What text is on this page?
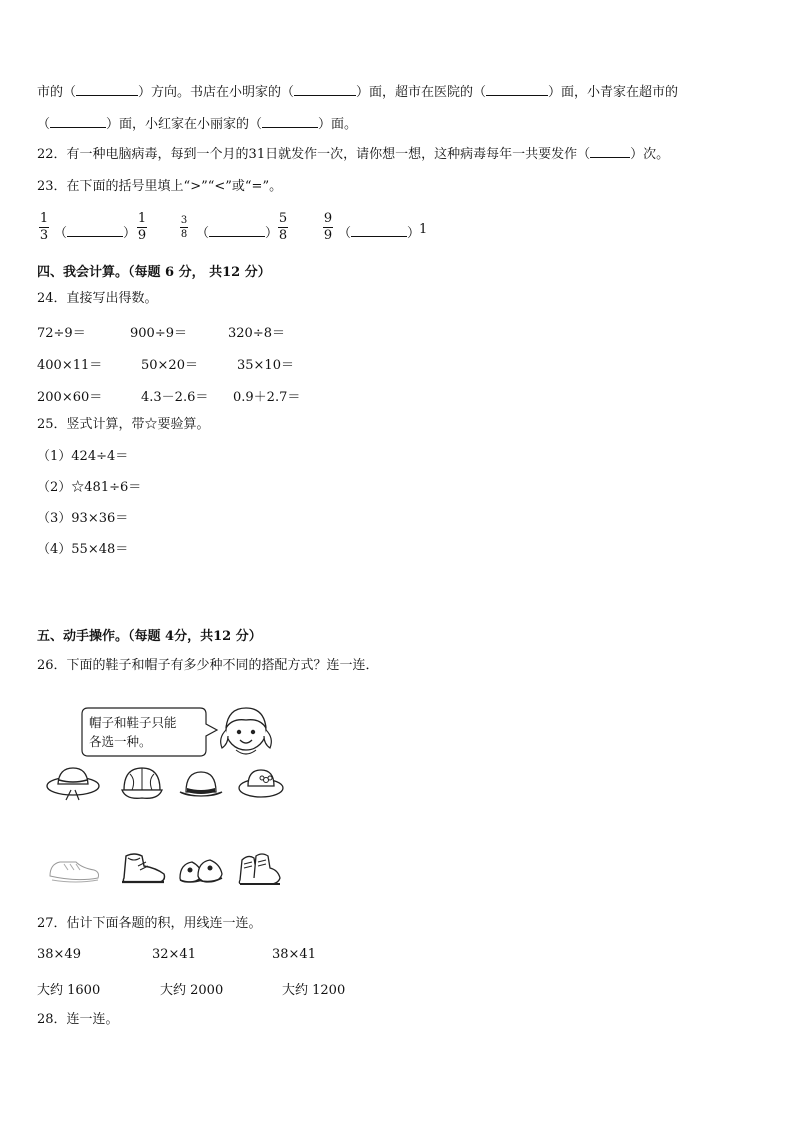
市的（	）方向。书店在小明家的（	）面，超市在医院的（	）面，小青家在超市的
（	）面，小红家在小丽家的（	）面。
22．有一种电脑病毒，每到一个月的31日就发作一次，请你想一想，这种病毒每年一共要发作（	）次。
23．在下面的括号里填上“>”“<”或“=”。
1
3 （	）
1
9
3
8 （	）
5
8
9
9 （	）
1
四、我会计算。（每题 6 分， 共12 分）
24．直接写出得数。
72÷9＝	900÷9＝	320÷8＝
400×11＝	50×20＝	35×10＝
200×60＝	4.3－2.6＝ 0.9＋2.7＝
25．竖式计算，带☆要验算。
（1）424÷4＝
（2）☆481÷6＝
（3）93×36＝
（4）55×48＝
五、动手操作。（每题 4分，共12 分）
26．下面的鞋子和帽子有多少种不同的搭配方式？连一连．
帽子和鞋子只能
各选一种。
27．估计下面各题的积，用线连一连。
38×49	32×41	38×41
大约 1600	大约 2000	大约 1200
28．连一连。
